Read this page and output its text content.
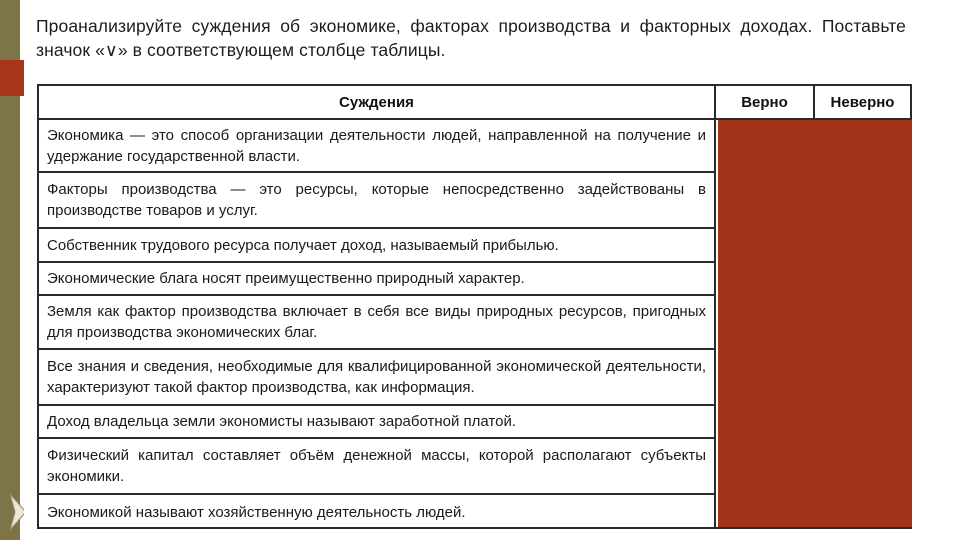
Проанализируйте суждения об экономике, факторах производства и факторных доходах. Поставьте значок «∨» в соответствующем столбце таблицы.
Суждения	Верно	Неверно
Экономика — это способ организации деятельности людей, направленной на получение и удержание государственной власти.
Факторы производства — это ресурсы, которые непосредственно задействованы в производстве товаров и услуг.
Собственник трудового ресурса получает доход, называемый прибылью.
Экономические блага носят преимущественно природный характер.
Земля как фактор производства включает в себя все виды природных ресурсов, пригодных для производства экономических благ.
Все знания и сведения, необходимые для квалифицированной экономической деятельности, характеризуют такой фактор производства, как информация.
Доход владельца земли экономисты называют заработной платой.
Физический капитал составляет объём денежной массы, которой располагают субъекты экономики.
Экономикой называют хозяйственную деятельность людей.
